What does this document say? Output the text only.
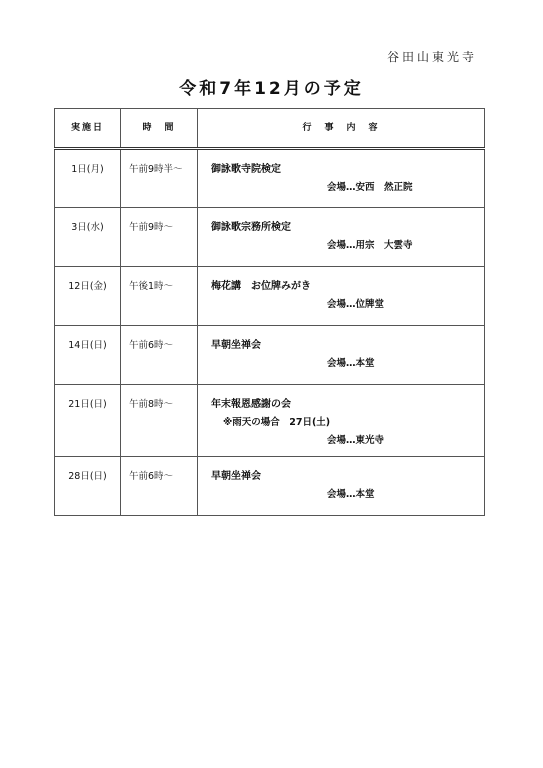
谷田山東光寺
令和7年12月の予定
実施日	時　間	行　事　内　容
1日(月)	午前9時半～	御詠歌寺院検定
会場…安西　然正院

3日(水)	午前9時～	御詠歌宗務所検定
会場…用宗　大雲寺

12日(金)	午後1時～	梅花講　お位牌みがき
会場…位牌堂

14日(日)	午前6時～	早朝坐禅会
会場…本堂

21日(日)	午前8時～	年末報恩感謝の会
※雨天の場合　27日(土)
会場…東光寺

28日(日)	午前6時～	早朝坐禅会
会場…本堂
